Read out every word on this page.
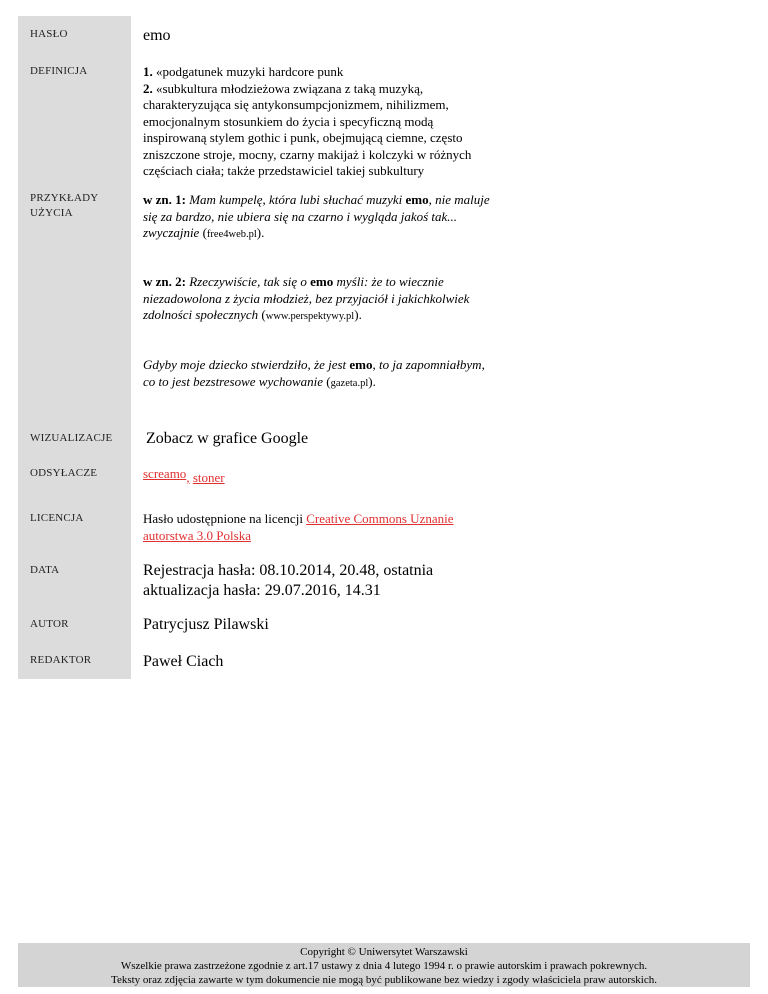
HASŁO	emo
DEFINICJA	1. «podgatunek muzyki hardcore punk
2. «subkultura młodzieżowa związana z taką muzyką, charakteryzująca się antykonsumpcjonizmem, nihilizmem, emocjonalnym stosunkiem do życia i specyficzną modą inspirowaną stylem gothic i punk, obejmującą ciemne, często zniszczone stroje, mocny, czarny makijaż i kolczyki w różnych częściach ciała; także przedstawiciel takiej subkultury
PRZYKŁADY UŻYCIA
w zn. 1: Mam kumpelę, która lubi słuchać muzyki emo, nie maluje się za bardzo, nie ubiera się na czarno i wygląda jakoś tak... zwyczajnie (free4web.pl).
w zn. 2: Rzeczywiście, tak się o emo myśli: że to wiecznie niezadowolona z życia młodzież, bez przyjaciół i jakichkolwiek zdolności społecznych (www.perspektywy.pl).
Gdyby moje dziecko stwierdziło, że jest emo, to ja zapomniałbym, co to jest bezstresowe wychowanie (gazeta.pl).
WIZUALIZACJE Zobacz w grafice Google
ODSYŁACZE	screamo, stoner
LICENCJA	Hasło udostępnione na licencji Creative Commons Uznanie autorstwa 3.0 Polska
DATA	Rejestracja hasła: 08.10.2014, 20.48, ostatnia aktualizacja hasła: 29.07.2016, 14.31
AUTOR	Patrycjusz Pilawski
REDAKTOR	Paweł Ciach
Copyright © Uniwersytet Warszawski
Wszelkie prawa zastrzeżone zgodnie z art.17 ustawy z dnia 4 lutego 1994 r. o prawie autorskim i prawach pokrewnych.
Teksty oraz zdjęcia zawarte w tym dokumencie nie mogą być publikowane bez wiedzy i zgody właściciela praw autorskich.
